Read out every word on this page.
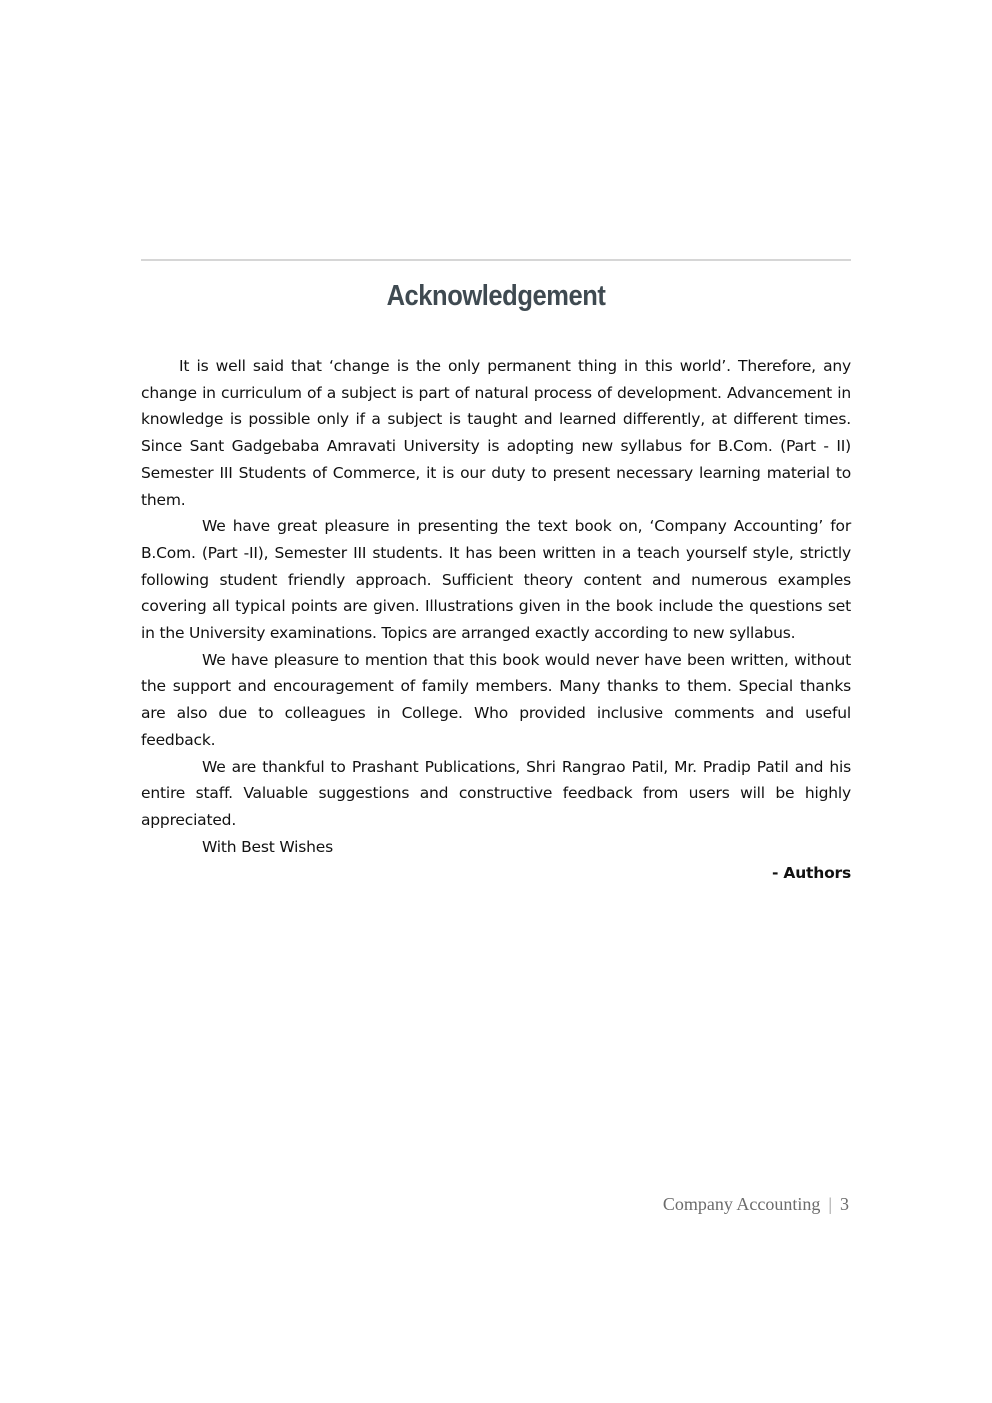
Acknowledgement

It is well said that ‘change is the only permanent thing in this world’. Therefore, any change in curriculum of a subject is part of natural process of development. Advancement in knowledge is possible only if a subject is taught and learned differently, at different times. Since Sant Gadgebaba Amravati University is adopting new syllabus for B.Com. (Part - II) Semester III Students of Commerce, it is our duty to present necessary learning material to them.

We have great pleasure in presenting the text book on, ‘Company Accounting’ for B.Com. (Part -II), Semester III students. It has been written in a teach yourself style, strictly following student friendly approach. Sufficient theory content and numerous examples covering all typical points are given. Illustrations given in the book include the questions set in the University examinations. Topics are arranged exactly according to new syllabus.

We have pleasure to mention that this book would never have been written, without the support and encouragement of family members. Many thanks to them. Special thanks are also due to colleagues in College. Who provided inclusive comments and useful feedback.

We are thankful to Prashant Publications, Shri Rangrao Patil, Mr. Pradip Patil and his entire staff. Valuable suggestions and constructive feedback from users will be highly appreciated.

With Best Wishes

- Authors

Company Accounting | 3
